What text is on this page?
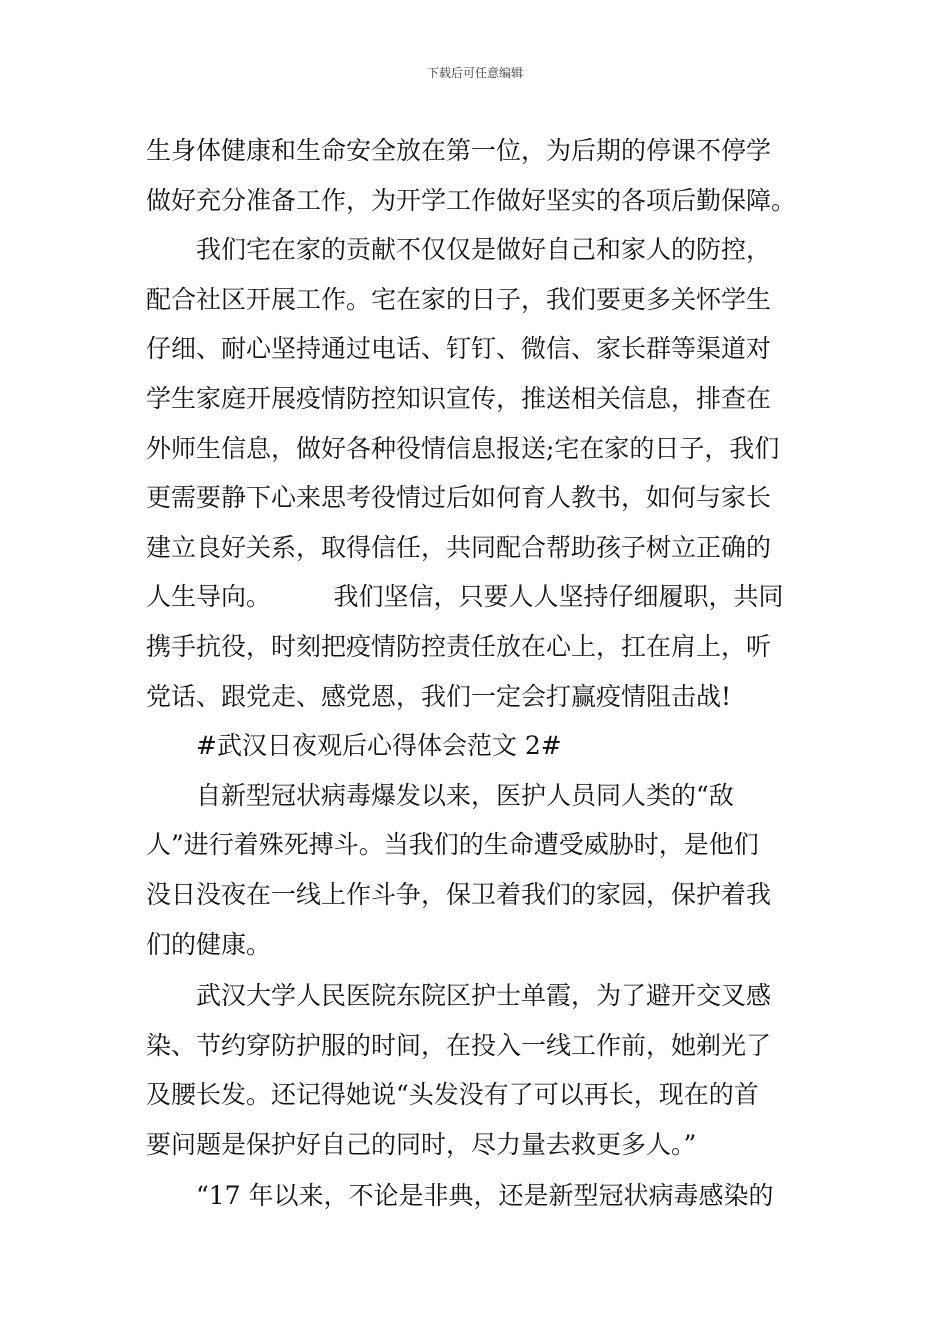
下载后可任意编辑

生身体健康和生命安全放在第一位，为后期的停课不停学

做好充分准备工作，为开学工作做好坚实的各项后勤保障。

我们宅在家的贡献不仅仅是做好自己和家人的防控，

配合社区开展工作。宅在家的日子，我们要更多关怀学生

仔细、耐心坚持通过电话、钉钉、微信、家长群等渠道对

学生家庭开展疫情防控知识宣传，推送相关信息，排查在

外师生信息，做好各种役情信息报送;宅在家的日子，我们

更需要静下心来思考役情过后如何育人教书，如何与家长

建立良好关系，取得信任，共同配合帮助孩子树立正确的

人生导向。　　　我们坚信，只要人人坚持仔细履职，共同

携手抗役，时刻把疫情防控责任放在心上，扛在肩上，听

党话、跟党走、感党恩，我们一定会打赢疫情阻击战!

#武汉日夜观后心得体会范文 2#

自新型冠状病毒爆发以来，医护人员同人类的“敌

人”进行着殊死搏斗。当我们的生命遭受威胁时，是他们

没日没夜在一线上作斗争，保卫着我们的家园，保护着我

们的健康。

武汉大学人民医院东院区护士单霞，为了避开交叉感

染、节约穿防护服的时间，在投入一线工作前，她剃光了

及腰长发。还记得她说“头发没有了可以再长，现在的首

要问题是保护好自己的同时，尽力量去救更多人。”

“17 年以来，不论是非典，还是新型冠状病毒感染的
